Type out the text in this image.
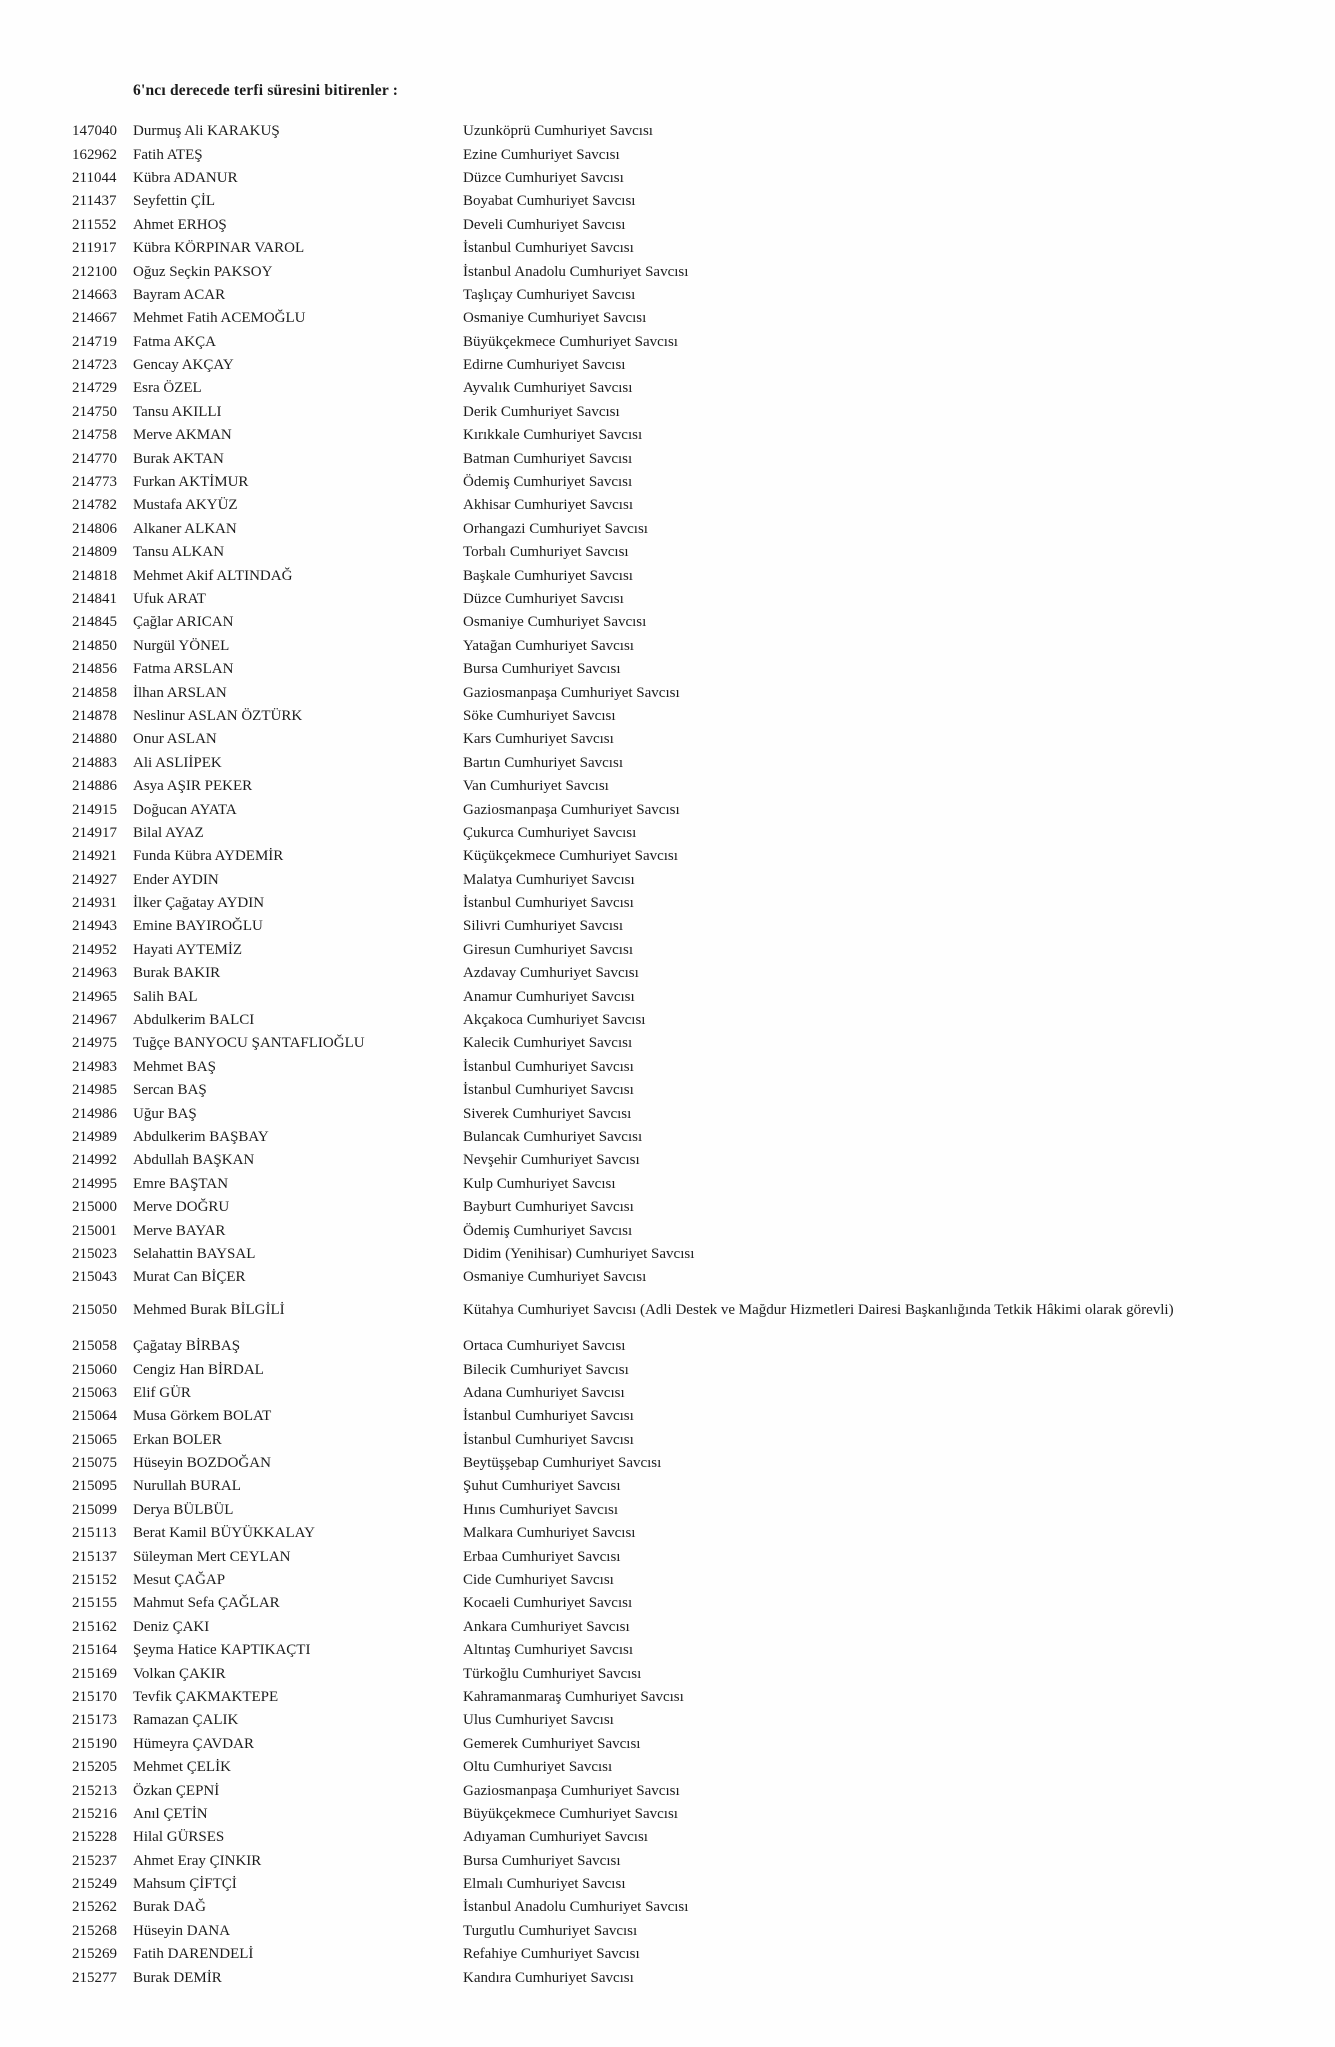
6'ncı derecede terfi süresini bitirenler :
147040	Durmuş Ali KARAKUŞ	Uzunköprü Cumhuriyet Savcısı
162962	Fatih ATEŞ	Ezine Cumhuriyet Savcısı
211044	Kübra ADANUR	Düzce Cumhuriyet Savcısı
211437	Seyfettin ÇİL	Boyabat Cumhuriyet Savcısı
211552	Ahmet ERHOŞ	Develi Cumhuriyet Savcısı
211917	Kübra KÖRPINAR VAROL	İstanbul Cumhuriyet Savcısı
212100	Oğuz Seçkin PAKSOY	İstanbul Anadolu Cumhuriyet Savcısı
214663	Bayram ACAR	Taşlıçay Cumhuriyet Savcısı
214667	Mehmet Fatih ACEMOĞLU	Osmaniye Cumhuriyet Savcısı
214719	Fatma AKÇA	Büyükçekmece Cumhuriyet Savcısı
214723	Gencay AKÇAY	Edirne Cumhuriyet Savcısı
214729	Esra ÖZEL	Ayvalık Cumhuriyet Savcısı
214750	Tansu AKILLI	Derik Cumhuriyet Savcısı
214758	Merve AKMAN	Kırıkkale Cumhuriyet Savcısı
214770	Burak AKTAN	Batman Cumhuriyet Savcısı
214773	Furkan AKTİMUR	Ödemiş Cumhuriyet Savcısı
214782	Mustafa AKYÜZ	Akhisar Cumhuriyet Savcısı
214806	Alkaner ALKAN	Orhangazi Cumhuriyet Savcısı
214809	Tansu ALKAN	Torbalı Cumhuriyet Savcısı
214818	Mehmet Akif ALTINDAĞ	Başkale Cumhuriyet Savcısı
214841	Ufuk ARAT	Düzce Cumhuriyet Savcısı
214845	Çağlar ARICAN	Osmaniye Cumhuriyet Savcısı
214850	Nurgül YÖNEL	Yatağan Cumhuriyet Savcısı
214856	Fatma ARSLAN	Bursa Cumhuriyet Savcısı
214858	İlhan ARSLAN	Gaziosmanpaşa Cumhuriyet Savcısı
214878	Neslinur ASLAN ÖZTÜRK	Söke Cumhuriyet Savcısı
214880	Onur ASLAN	Kars Cumhuriyet Savcısı
214883	Ali ASLIİPEK	Bartın Cumhuriyet Savcısı
214886	Asya AŞIR PEKER	Van Cumhuriyet Savcısı
214915	Doğucan AYATA	Gaziosmanpaşa Cumhuriyet Savcısı
214917	Bilal AYAZ	Çukurca Cumhuriyet Savcısı
214921	Funda Kübra AYDEMİR	Küçükçekmece Cumhuriyet Savcısı
214927	Ender AYDIN	Malatya Cumhuriyet Savcısı
214931	İlker Çağatay AYDIN	İstanbul Cumhuriyet Savcısı
214943	Emine BAYIROĞLU	Silivri Cumhuriyet Savcısı
214952	Hayati AYTEMİZ	Giresun Cumhuriyet Savcısı
214963	Burak BAKIR	Azdavay Cumhuriyet Savcısı
214965	Salih BAL	Anamur Cumhuriyet Savcısı
214967	Abdulkerim BALCI	Akçakoca Cumhuriyet Savcısı
214975	Tuğçe BANYOCU ŞANTAFLIOĞLU	Kalecik Cumhuriyet Savcısı
214983	Mehmet BAŞ	İstanbul Cumhuriyet Savcısı
214985	Sercan BAŞ	İstanbul Cumhuriyet Savcısı
214986	Uğur BAŞ	Siverek Cumhuriyet Savcısı
214989	Abdulkerim BAŞBAY	Bulancak Cumhuriyet Savcısı
214992	Abdullah BAŞKAN	Nevşehir Cumhuriyet Savcısı
214995	Emre BAŞTAN	Kulp Cumhuriyet Savcısı
215000	Merve DOĞRU	Bayburt Cumhuriyet Savcısı
215001	Merve BAYAR	Ödemiş Cumhuriyet Savcısı
215023	Selahattin BAYSAL	Didim (Yenihisar) Cumhuriyet Savcısı
215043	Murat Can BİÇER	Osmaniye Cumhuriyet Savcısı
215050	Mehmed Burak BİLGİLİ	Kütahya Cumhuriyet Savcısı (Adli Destek ve Mağdur Hizmetleri Dairesi Başkanlığında Tetkik Hâkimi olarak görevli)
215058	Çağatay BİRBAŞ	Ortaca Cumhuriyet Savcısı
215060	Cengiz Han BİRDAL	Bilecik Cumhuriyet Savcısı
215063	Elif GÜR	Adana Cumhuriyet Savcısı
215064	Musa Görkem BOLAT	İstanbul Cumhuriyet Savcısı
215065	Erkan BOLER	İstanbul Cumhuriyet Savcısı
215075	Hüseyin BOZDOĞAN	Beytüşşebap Cumhuriyet Savcısı
215095	Nurullah BURAL	Şuhut Cumhuriyet Savcısı
215099	Derya BÜLBÜL	Hınıs Cumhuriyet Savcısı
215113	Berat Kamil BÜYÜKKALAY	Malkara Cumhuriyet Savcısı
215137	Süleyman Mert CEYLAN	Erbaa Cumhuriyet Savcısı
215152	Mesut ÇAĞAP	Cide Cumhuriyet Savcısı
215155	Mahmut Sefa ÇAĞLAR	Kocaeli Cumhuriyet Savcısı
215162	Deniz ÇAKI	Ankara Cumhuriyet Savcısı
215164	Şeyma Hatice KAPTIKAÇTI	Altıntaş Cumhuriyet Savcısı
215169	Volkan ÇAKIR	Türkoğlu Cumhuriyet Savcısı
215170	Tevfik ÇAKMAKTEPE	Kahramanmaraş Cumhuriyet Savcısı
215173	Ramazan ÇALIK	Ulus Cumhuriyet Savcısı
215190	Hümeyra ÇAVDAR	Gemerek Cumhuriyet Savcısı
215205	Mehmet ÇELİK	Oltu Cumhuriyet Savcısı
215213	Özkan ÇEPNİ	Gaziosmanpaşa Cumhuriyet Savcısı
215216	Anıl ÇETİN	Büyükçekmece Cumhuriyet Savcısı
215228	Hilal GÜRSES	Adıyaman Cumhuriyet Savcısı
215237	Ahmet Eray ÇINKIR	Bursa Cumhuriyet Savcısı
215249	Mahsum ÇİFTÇİ	Elmalı Cumhuriyet Savcısı
215262	Burak DAĞ	İstanbul Anadolu Cumhuriyet Savcısı
215268	Hüseyin DANA	Turgutlu Cumhuriyet Savcısı
215269	Fatih DARENDELİ	Refahiye Cumhuriyet Savcısı
215277	Burak DEMİR	Kandıra Cumhuriyet Savcısı
